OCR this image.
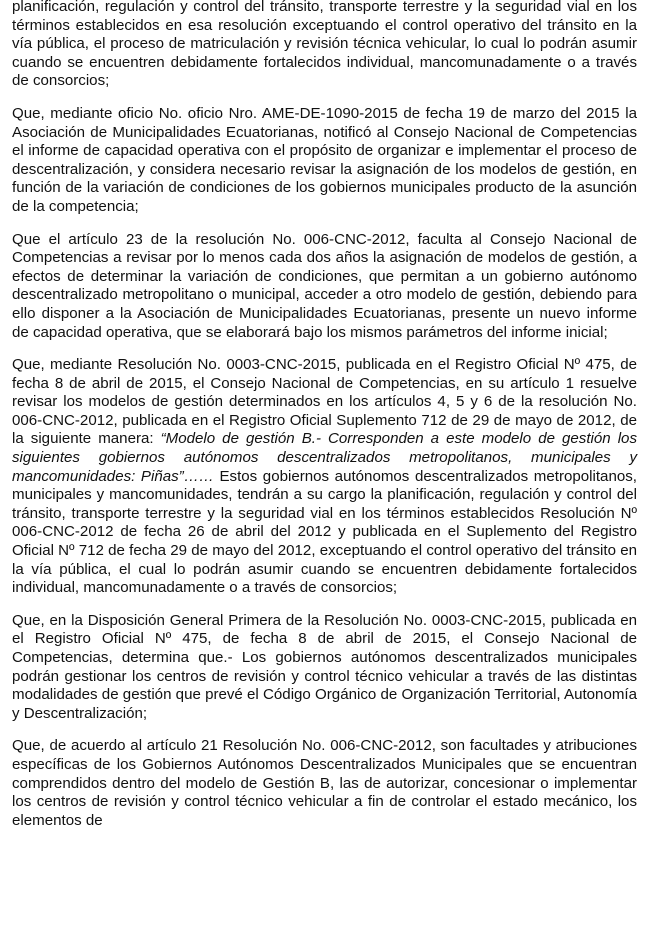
planificación, regulación y control del tránsito, transporte terrestre y la seguridad vial en los términos establecidos en esa resolución exceptuando el control operativo del tránsito en la vía pública, el proceso de matriculación y revisión técnica vehicular, lo cual lo podrán asumir cuando se encuentren debidamente fortalecidos individual, mancomunadamente o a través de consorcios;

Que, mediante oficio No. oficio Nro. AME-DE-1090-2015 de fecha 19 de marzo del 2015 la Asociación de Municipalidades Ecuatorianas, notificó al Consejo Nacional de Competencias el informe de capacidad operativa con el propósito de organizar e implementar el proceso de descentralización, y considera necesario revisar la asignación de los modelos de gestión, en función de la variación de condiciones de los gobiernos municipales producto de la asunción de la competencia;

Que el artículo 23 de la resolución No. 006-CNC-2012, faculta al Consejo Nacional de Competencias a revisar por lo menos cada dos años la asignación de modelos de gestión, a efectos de determinar la variación de condiciones, que permitan a un gobierno autónomo descentralizado metropolitano o municipal, acceder a otro modelo de gestión, debiendo para ello disponer a la Asociación de Municipalidades Ecuatorianas, presente un nuevo informe de capacidad operativa, que se elaborará bajo los mismos parámetros del informe inicial;

Que, mediante Resolución No. 0003-CNC-2015, publicada en el Registro Oficial Nº 475, de fecha 8 de abril de 2015, el Consejo Nacional de Competencias, en su artículo 1 resuelve revisar los modelos de gestión determinados en los artículos 4, 5 y 6 de la resolución No. 006-CNC-2012, publicada en el Registro Oficial Suplemento 712 de 29 de mayo de 2012, de la siguiente manera: “Modelo de gestión B.- Corresponden a este modelo de gestión los siguientes gobiernos autónomos descentralizados metropolitanos, municipales y mancomunidades: Piñas”…… Estos gobiernos autónomos descentralizados metropolitanos, municipales y mancomunidades, tendrán a su cargo la planificación, regulación y control del tránsito, transporte terrestre y la seguridad vial en los términos establecidos Resolución Nº 006-CNC-2012 de fecha 26 de abril del 2012 y publicada en el Suplemento del Registro Oficial Nº 712 de fecha 29 de mayo del 2012, exceptuando el control operativo del tránsito en la vía pública, el cual lo podrán asumir cuando se encuentren debidamente fortalecidos individual, mancomunadamente o a través de consorcios;

Que, en la Disposición General Primera de la Resolución No. 0003-CNC-2015, publicada en el Registro Oficial Nº 475, de fecha 8 de abril de 2015, el Consejo Nacional de Competencias, determina que.- Los gobiernos autónomos descentralizados municipales podrán gestionar los centros de revisión y control técnico vehicular a través de las distintas modalidades de gestión que prevé el Código Orgánico de Organización Territorial, Autonomía y Descentralización;

Que, de acuerdo al artículo 21 Resolución No. 006-CNC-2012, son facultades y atribuciones específicas de los Gobiernos Autónomos Descentralizados Municipales que se encuentran comprendidos dentro del modelo de Gestión B, las de autorizar, concesionar o implementar los centros de revisión y control técnico vehicular a fin de controlar el estado mecánico, los elementos de
